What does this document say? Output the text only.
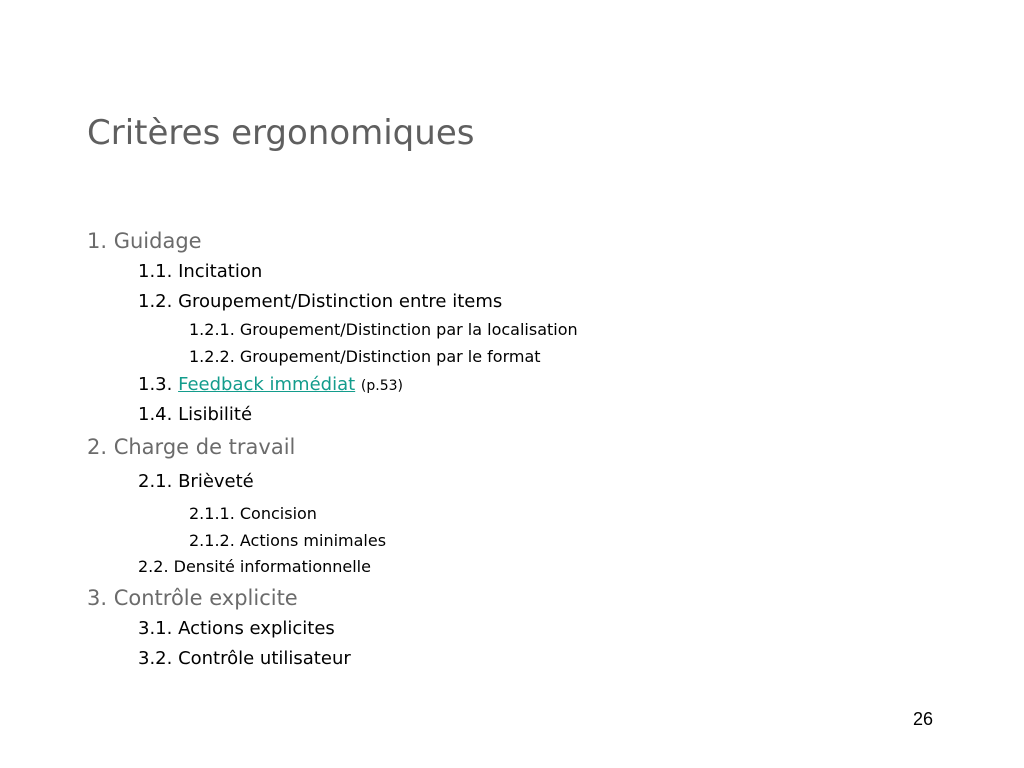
Critères ergonomiques
1. Guidage
1.1. Incitation
1.2. Groupement/Distinction entre items
1.2.1. Groupement/Distinction par la localisation
1.2.2. Groupement/Distinction par le format
1.3. Feedback immédiat (p.53)
1.4. Lisibilité
2. Charge de travail
2.1. Brièveté
2.1.1. Concision
2.1.2. Actions minimales
2.2. Densité informationnelle
3. Contrôle explicite
3.1. Actions explicites
3.2. Contrôle utilisateur
26
